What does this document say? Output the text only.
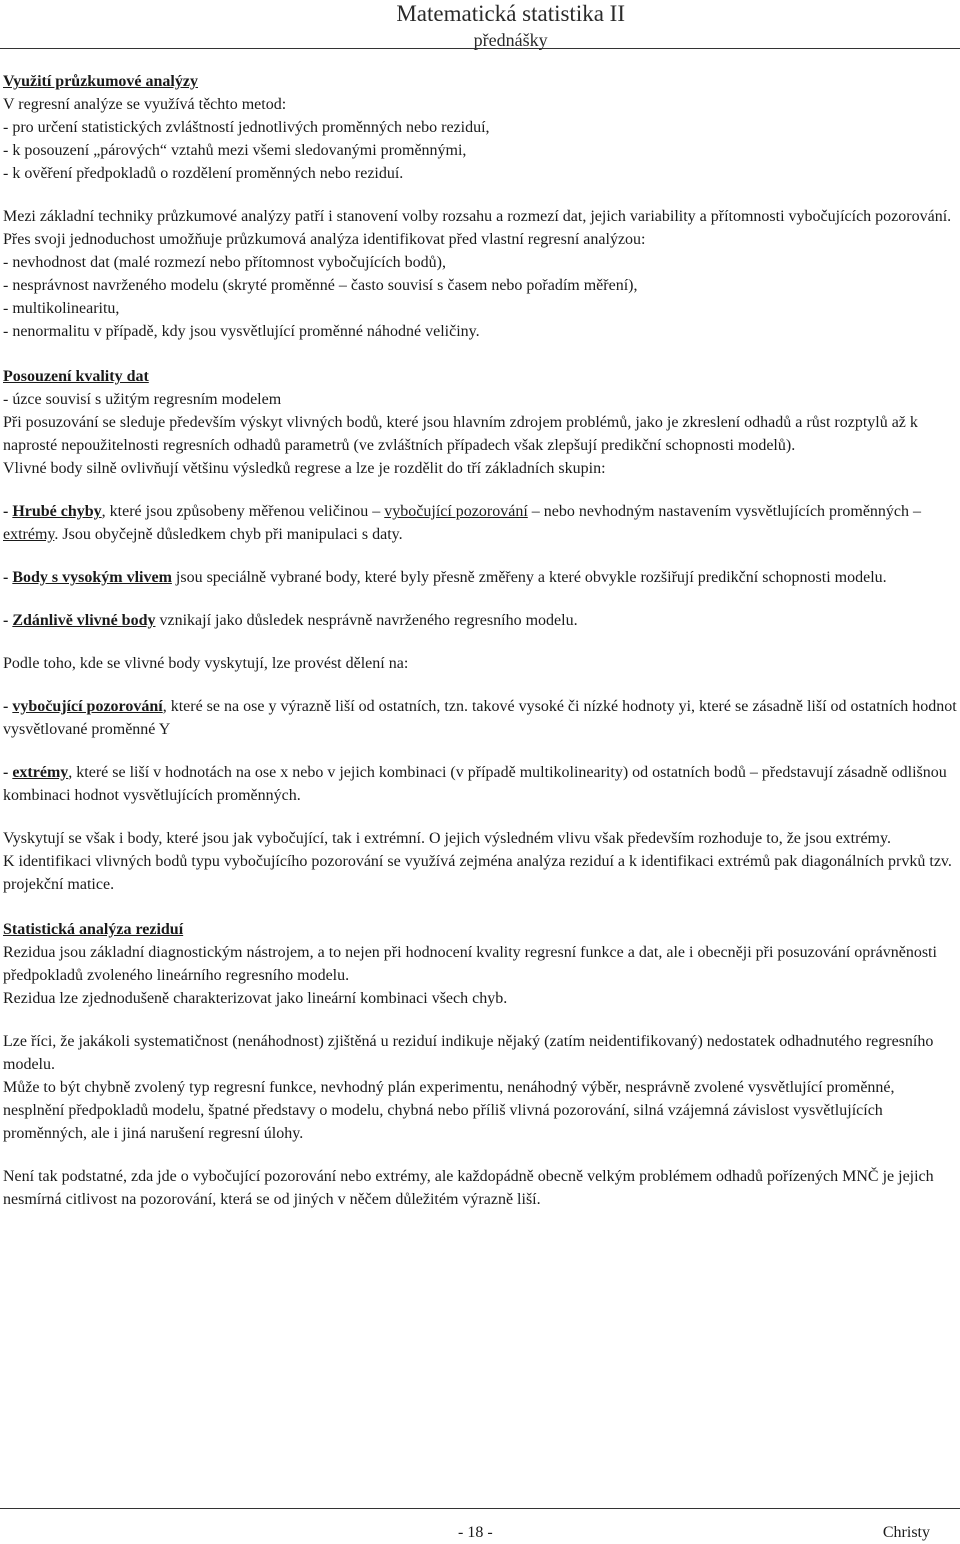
Matematická statistika II
přednášky

Využití průzkumové analýzy

V regresní analýze se využívá těchto metod:

- pro určení statistických zvláštností jednotlivých proměnných nebo reziduí,

- k posouzení „párových“ vztahů mezi všemi sledovanými proměnnými,

- k ověření předpokladů o rozdělení proměnných nebo reziduí.

Mezi základní techniky průzkumové analýzy patří i stanovení volby rozsahu a rozmezí dat, jejich variability a přítomnosti vybočujících pozorování.

Přes svoji jednoduchost umožňuje průzkumová analýza identifikovat před vlastní regresní analýzou:

- nevhodnost dat (malé rozmezí nebo přítomnost vybočujících bodů),

- nesprávnost navrženého modelu (skryté proměnné – často souvisí s časem nebo pořadím měření),

- multikolinearitu,

- nenormalitu v případě, kdy jsou vysvětlující proměnné náhodné veličiny.

Posouzení kvality dat

- úzce souvisí s užitým regresním modelem

Při posuzování se sleduje především výskyt vlivných bodů, které jsou hlavním zdrojem problémů, jako je zkreslení odhadů a růst rozptylů až k naprosté nepoužitelnosti regresních odhadů parametrů (ve zvláštních případech však zlepšují predikční schopnosti modelů).

Vlivné body silně ovlivňují většinu výsledků regrese a lze je rozdělit do tří základních skupin:

- Hrubé chyby, které jsou způsobeny měřenou veličinou – vybočující pozorování – nebo nevhodným nastavením vysvětlujících proměnných – extrémy. Jsou obyčejně důsledkem chyb při manipulaci s daty.

- Body s vysokým vlivem jsou speciálně vybrané body, které byly přesně změřeny a které obvykle rozšiřují predikční schopnosti modelu.

- Zdánlivě vlivné body vznikají jako důsledek nesprávně navrženého regresního modelu.

Podle toho, kde se vlivné body vyskytují, lze provést dělení na:

- vybočující pozorování, které se na ose y výrazně liší od ostatních, tzn. takové vysoké či nízké hodnoty yi, které se zásadně liší od ostatních hodnot vysvětlované proměnné Y

- extrémy, které se liší v hodnotách na ose x nebo v jejich kombinaci (v případě multikolinearity) od ostatních bodů – představují zásadně odlišnou kombinaci hodnot vysvětlujících proměnných.

Vyskytují se však i body, které jsou jak vybočující, tak i extrémní. O jejich výsledném vlivu však především rozhoduje to, že jsou extrémy.

K identifikaci vlivných bodů typu vybočujícího pozorování se využívá zejména analýza reziduí a k identifikaci extrémů pak diagonálních prvků tzv. projekční matice.

Statistická analýza reziduí

Rezidua jsou základní diagnostickým nástrojem, a to nejen při hodnocení kvality regresní funkce a dat, ale i obecněji při posuzování oprávněnosti předpokladů zvoleného lineárního regresního modelu.

Rezidua lze zjednodušeně charakterizovat jako lineární kombinaci všech chyb.

Lze říci, že jakákoli systematičnost (nenáhodnost) zjištěná u reziduí indikuje nějaký (zatím neidentifikovaný) nedostatek odhadnutého regresního modelu.

Může to být chybně zvolený typ regresní funkce, nevhodný plán experimentu, nenáhodný výběr, nesprávně zvolené vysvětlující proměnné, nesplnění předpokladů modelu, špatné představy o modelu, chybná nebo příliš vlivná pozorování, silná vzájemná závislost vysvětlujících proměnných, ale i jiná narušení regresní úlohy.

Není tak podstatné, zda jde o vybočující pozorování nebo extrémy, ale každopádně obecně velkým problémem odhadů pořízených MNČ je jejich nesmírná citlivost na pozorování, která se od jiných v něčem důležitém výrazně liší.

- 18 -	Christy
